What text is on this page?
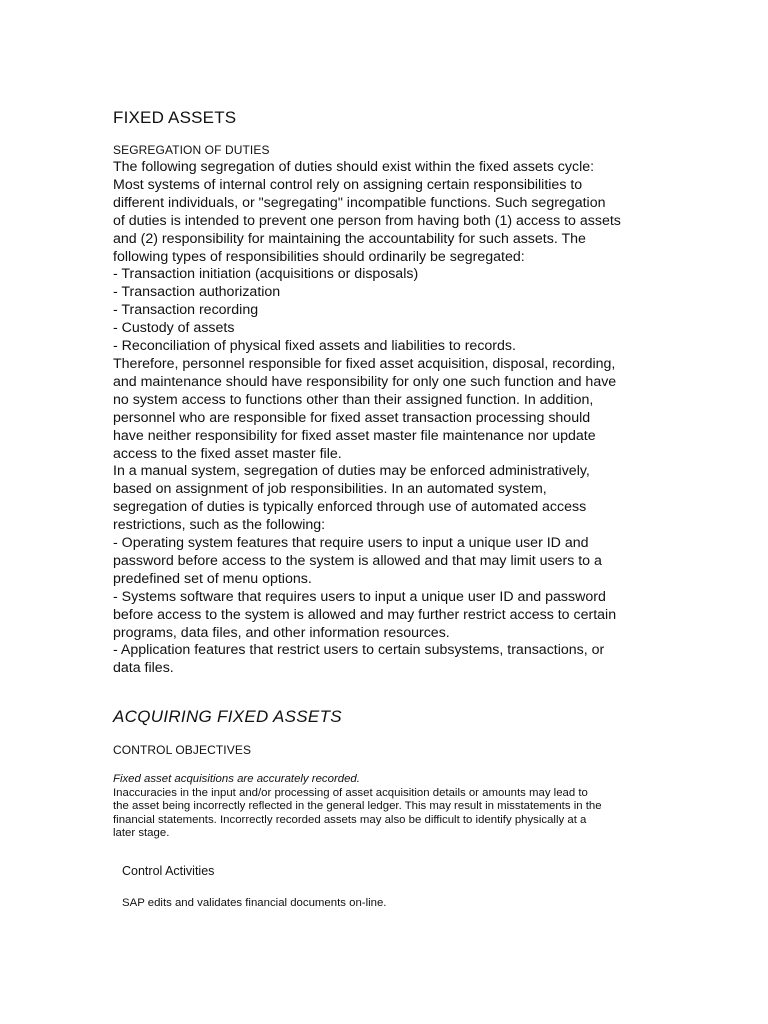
FIXED ASSETS
SEGREGATION OF DUTIES
The following segregation of duties should exist within the fixed assets cycle:
Most systems of internal control rely on assigning certain responsibilities to
different individuals, or "segregating" incompatible functions. Such segregation
of duties is intended to prevent one person from having both (1) access to assets
and (2) responsibility for maintaining the accountability for such assets. The
following types of responsibilities should ordinarily be segregated:
- Transaction initiation (acquisitions or disposals)
- Transaction authorization
- Transaction recording
- Custody of assets
- Reconciliation of physical fixed assets and liabilities to records.
Therefore, personnel responsible for fixed asset acquisition, disposal, recording,
and maintenance should have responsibility for only one such function and have
no system access to functions other than their assigned function. In addition,
personnel who are responsible for fixed asset transaction processing should
have neither responsibility for fixed asset master file maintenance nor update
access to the fixed asset master file.
In a manual system, segregation of duties may be enforced administratively,
based on assignment of job responsibilities. In an automated system,
segregation of duties is typically enforced through use of automated access
restrictions, such as the following:
- Operating system features that require users to input a unique user ID and
password before access to the system is allowed and that may limit users to a
predefined set of menu options.
- Systems software that requires users to input a unique user ID and password
before access to the system is allowed and may further restrict access to certain
programs, data files, and other information resources.
- Application features that restrict users to certain subsystems, transactions, or
data files.
ACQUIRING FIXED ASSETS
CONTROL OBJECTIVES
Fixed asset acquisitions are accurately recorded.
Inaccuracies in the input and/or processing of asset acquisition details or amounts may lead to
the asset being incorrectly reflected in the general ledger. This may result in misstatements in the
financial statements. Incorrectly recorded assets may also be difficult to identify physically at a
later stage.
Control Activities
SAP edits and validates financial documents on-line.
